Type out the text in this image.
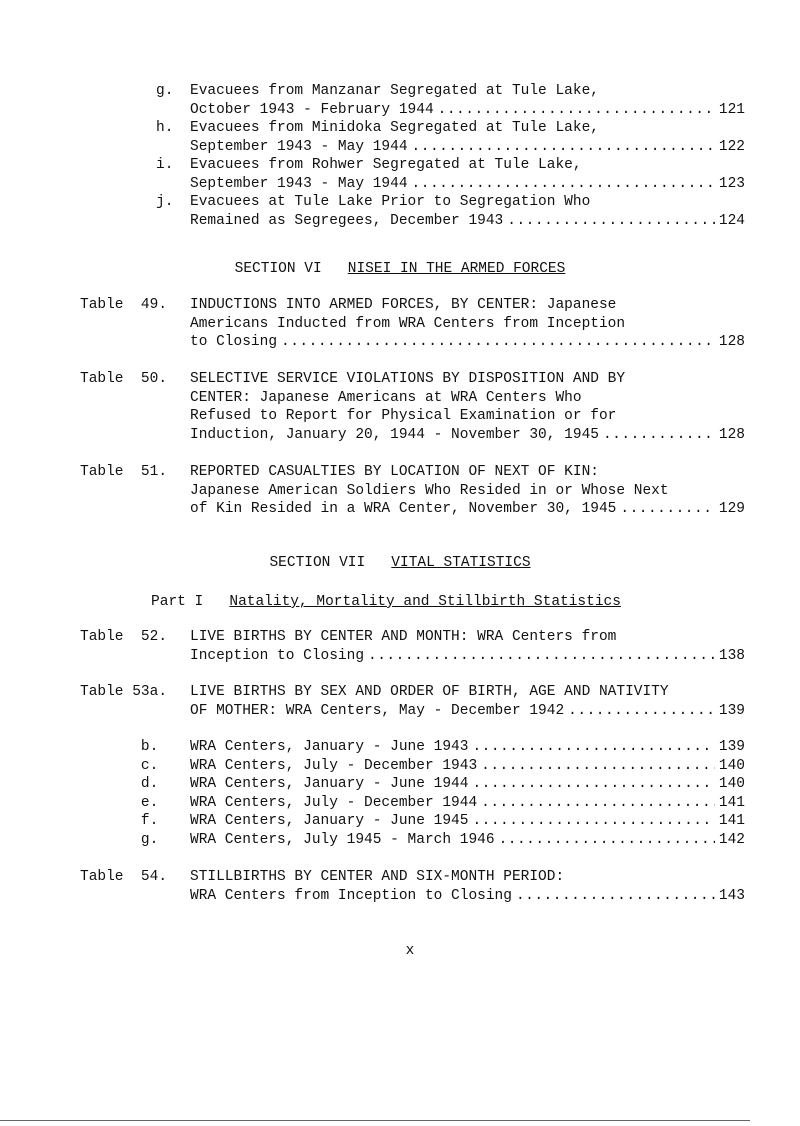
g. Evacuees from Manzanar Segregated at Tule Lake,
October 1943 - February 1944 .....	121
h. Evacuees from Minidoka Segregated at Tule Lake,
September 1943 - May 1944 .....	122
i. Evacuees from Rohwer Segregated at Tule Lake,
September 1943 - May 1944 .....	123
j. Evacuees at Tule Lake Prior to Segregation Who
Remained as Segregees, December 1943 .....	124
SECTION VI NISEI IN THE ARMED FORCES
Table  49. INDUCTIONS INTO ARMED FORCES, BY CENTER: Japanese
Americans Inducted from WRA Centers from Inception
to Closing .....	128
Table  50. SELECTIVE SERVICE VIOLATIONS BY DISPOSITION AND BY
CENTER: Japanese Americans at WRA Centers Who
Refused to Report for Physical Examination or for
Induction, January 20, 1944 - November 30, 1945 .....	128
Table  51. REPORTED CASUALTIES BY LOCATION OF NEXT OF KIN:
Japanese American Soldiers Who Resided in or Whose Next
of Kin Resided in a WRA Center, November 30, 1945 .....	129
SECTION VII VITAL STATISTICS
Part I Natality, Mortality and Stillbirth Statistics
Table  52. LIVE BIRTHS BY CENTER AND MONTH: WRA Centers from
Inception to Closing .....	138
Table 53a. LIVE BIRTHS BY SEX AND ORDER OF BIRTH, AGE AND NATIVITY
OF MOTHER: WRA Centers, May - December 1942 .....	139
b. WRA Centers, January - June 1943 .....	139
c. WRA Centers, July - December 1943 .....	140
d. WRA Centers, January - June 1944 .....	140
e. WRA Centers, July - December 1944 .....	141
f. WRA Centers, January - June 1945 .....	141
g. WRA Centers, July 1945 - March 1946 .....	142
Table  54. STILLBIRTHS BY CENTER AND SIX-MONTH PERIOD:
WRA Centers from Inception to Closing .....	143
x
